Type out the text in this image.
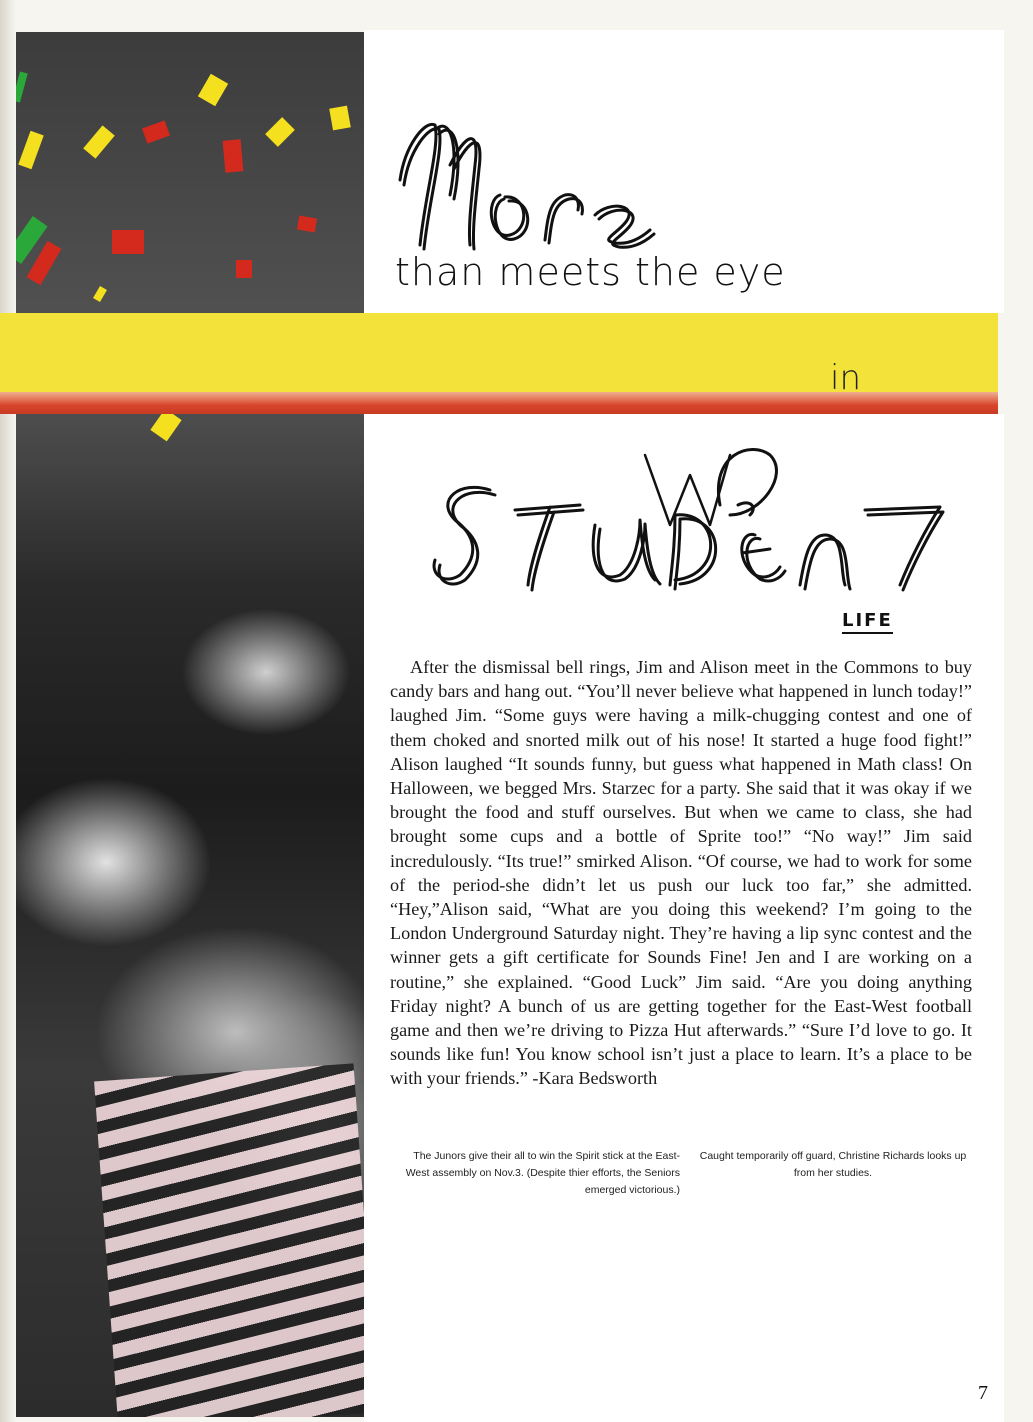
than meets the eye
in
LIFE

After the dismissal bell rings, Jim and Alison meet in the Commons to buy candy bars and hang out. “You’ll never believe what happened in lunch today!” laughed Jim. “Some guys were having a milk-chugging contest and one of them choked and snorted milk out of his nose! It started a huge food fight!” Alison laughed “It sounds funny, but guess what happened in Math class! On Halloween, we begged Mrs. Starzec for a party. She said that it was okay if we brought the food and stuff ourselves. But when we came to class, she had brought some cups and a bottle of Sprite too!” “No way!” Jim said incredulously. “Its true!” smirked Alison. “Of course, we had to work for some of the period-she didn’t let us push our luck too far,” she admitted. “Hey,”Alison said, “What are you doing this weekend? I’m going to the London Underground Saturday night. They’re having a lip sync contest and the winner gets a gift certificate for Sounds Fine! Jen and I are working on a routine,” she explained. “Good Luck” Jim said. “Are you doing anything Friday night? A bunch of us are getting together for the East-West football game and then we’re driving to Pizza Hut afterwards.” “Sure I’d love to go. It sounds like fun! You know school isn’t just a place to learn. It’s a place to be with your friends.” -Kara Bedsworth

The Junors give their all to win the Spirit stick at the East-West assembly on Nov.3. (Despite thier efforts, the Seniors emerged victorious.)

Caught temporarily off guard, Christine Richards looks up from her studies.

7
